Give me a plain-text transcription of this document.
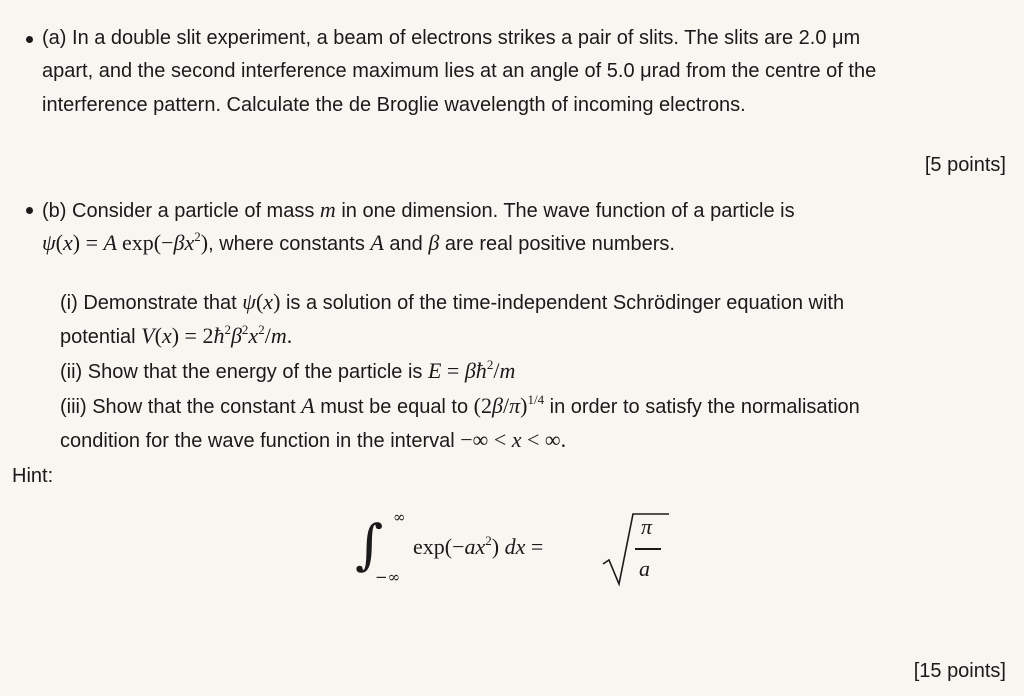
(a) In a double slit experiment, a beam of electrons strikes a pair of slits. The slits are 2.0 μm
apart, and the second interference maximum lies at an angle of 5.0 μrad from the centre of the
interference pattern. Calculate the de Broglie wavelength of incoming electrons.
[5 points]
(b) Consider a particle of mass m in one dimension. The wave function of a particle is
ψ(x) = A $\exp(-\beta x^2)$, where constants A and β are real positive numbers.
(i) Demonstrate that ψ(x) is a solution of the time-independent Schrödinger equation with
potential $V(x) = 2ħ^2\beta^2x^2/m$.
(ii) Show that the energy of the particle is $E = \beta ħ^2/m$
(iii) Show that the constant A must be equal to $(2\beta/\pi)^{1/4}$ in order to satisfy the normalisation
condition for the wave function in the interval −∞ < x < ∞.
Hint:
∫ ∞
−∞
$\exp(-ax^2)$ dx =
π
a
[15 points]
